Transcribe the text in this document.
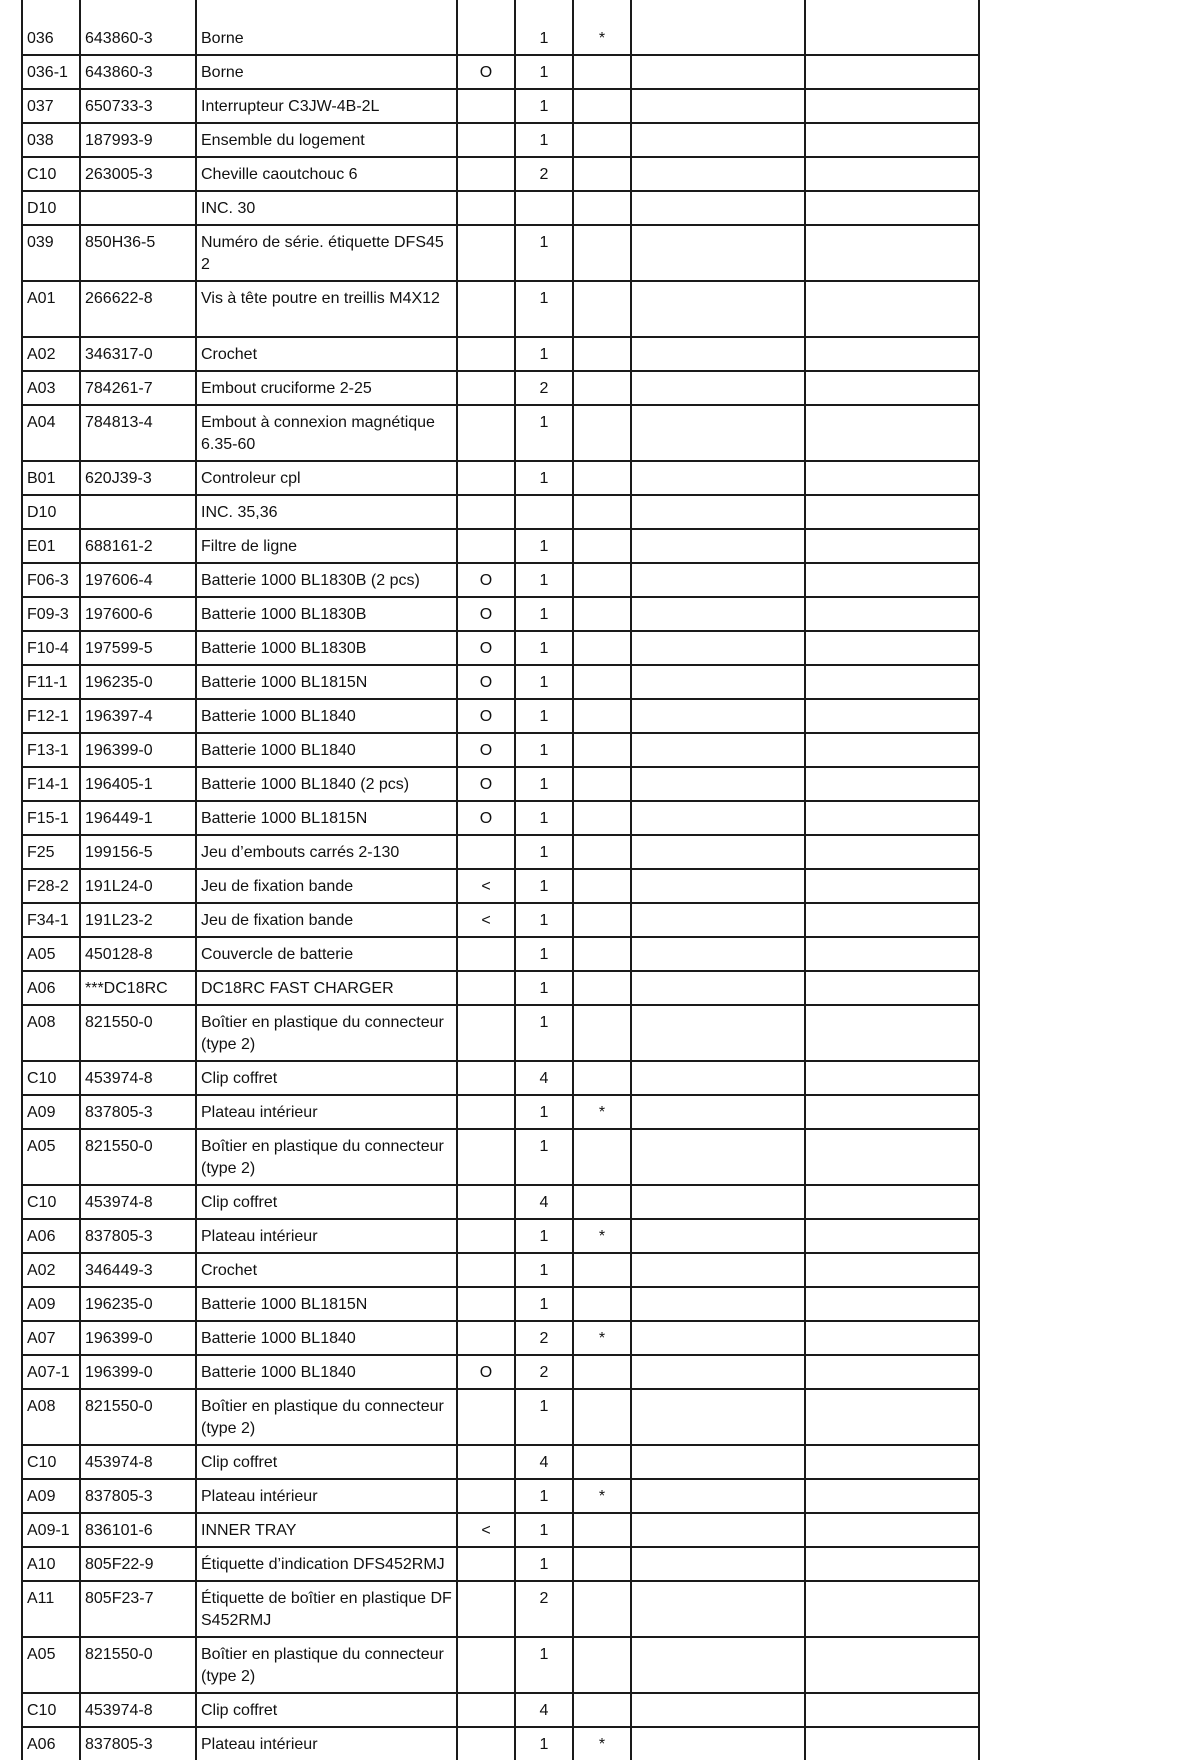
036	643860-3	Borne		1	*		
036-1	643860-3	Borne	O	1			
037	650733-3	Interrupteur C3JW-4B-2L		1			
038	187993-9	Ensemble du logement		1			
C10	263005-3	Cheville caoutchouc 6		2			
D10		INC. 30					
039	850H36-5	Numéro de série. étiquette DFS452		1			
A01	266622-8	Vis à tête poutre en treillis M4X12		1			
A02	346317-0	Crochet		1			
A03	784261-7	Embout cruciforme 2-25		2			
A04	784813-4	Embout à connexion magnétique 6.35-60		1			
B01	620J39-3	Controleur cpl		1			
D10		INC. 35,36					
E01	688161-2	Filtre de ligne		1			
F06-3	197606-4	Batterie 1000 BL1830B (2 pcs)	O	1			
F09-3	197600-6	Batterie 1000 BL1830B	O	1			
F10-4	197599-5	Batterie 1000 BL1830B	O	1			
F11-1	196235-0	Batterie 1000 BL1815N	O	1			
F12-1	196397-4	Batterie 1000 BL1840	O	1			
F13-1	196399-0	Batterie 1000 BL1840	O	1			
F14-1	196405-1	Batterie 1000 BL1840 (2 pcs)	O	1			
F15-1	196449-1	Batterie 1000 BL1815N	O	1			
F25	199156-5	Jeu d’embouts carrés 2-130		1			
F28-2	191L24-0	Jeu de fixation bande	<	1			
F34-1	191L23-2	Jeu de fixation bande	<	1			
A05	450128-8	Couvercle de batterie		1			
A06	***DC18RC	DC18RC FAST CHARGER		1			
A08	821550-0	Boîtier en plastique du connecteur (type 2)		1			
C10	453974-8	Clip coffret		4			
A09	837805-3	Plateau intérieur		1	*		
A05	821550-0	Boîtier en plastique du connecteur (type 2)		1			
C10	453974-8	Clip coffret		4			
A06	837805-3	Plateau intérieur		1	*		
A02	346449-3	Crochet		1			
A09	196235-0	Batterie 1000 BL1815N		1			
A07	196399-0	Batterie 1000 BL1840		2	*		
A07-1	196399-0	Batterie 1000 BL1840	O	2			
A08	821550-0	Boîtier en plastique du connecteur (type 2)		1			
C10	453974-8	Clip coffret		4			
A09	837805-3	Plateau intérieur		1	*		
A09-1	836101-6	INNER TRAY	<	1			
A10	805F22-9	Étiquette d’indication DFS452RMJ		1			
A11	805F23-7	Étiquette de boîtier en plastique DFS452RMJ		2			
A05	821550-0	Boîtier en plastique du connecteur (type 2)		1			
C10	453974-8	Clip coffret		4			
A06	837805-3	Plateau intérieur		1	*		
